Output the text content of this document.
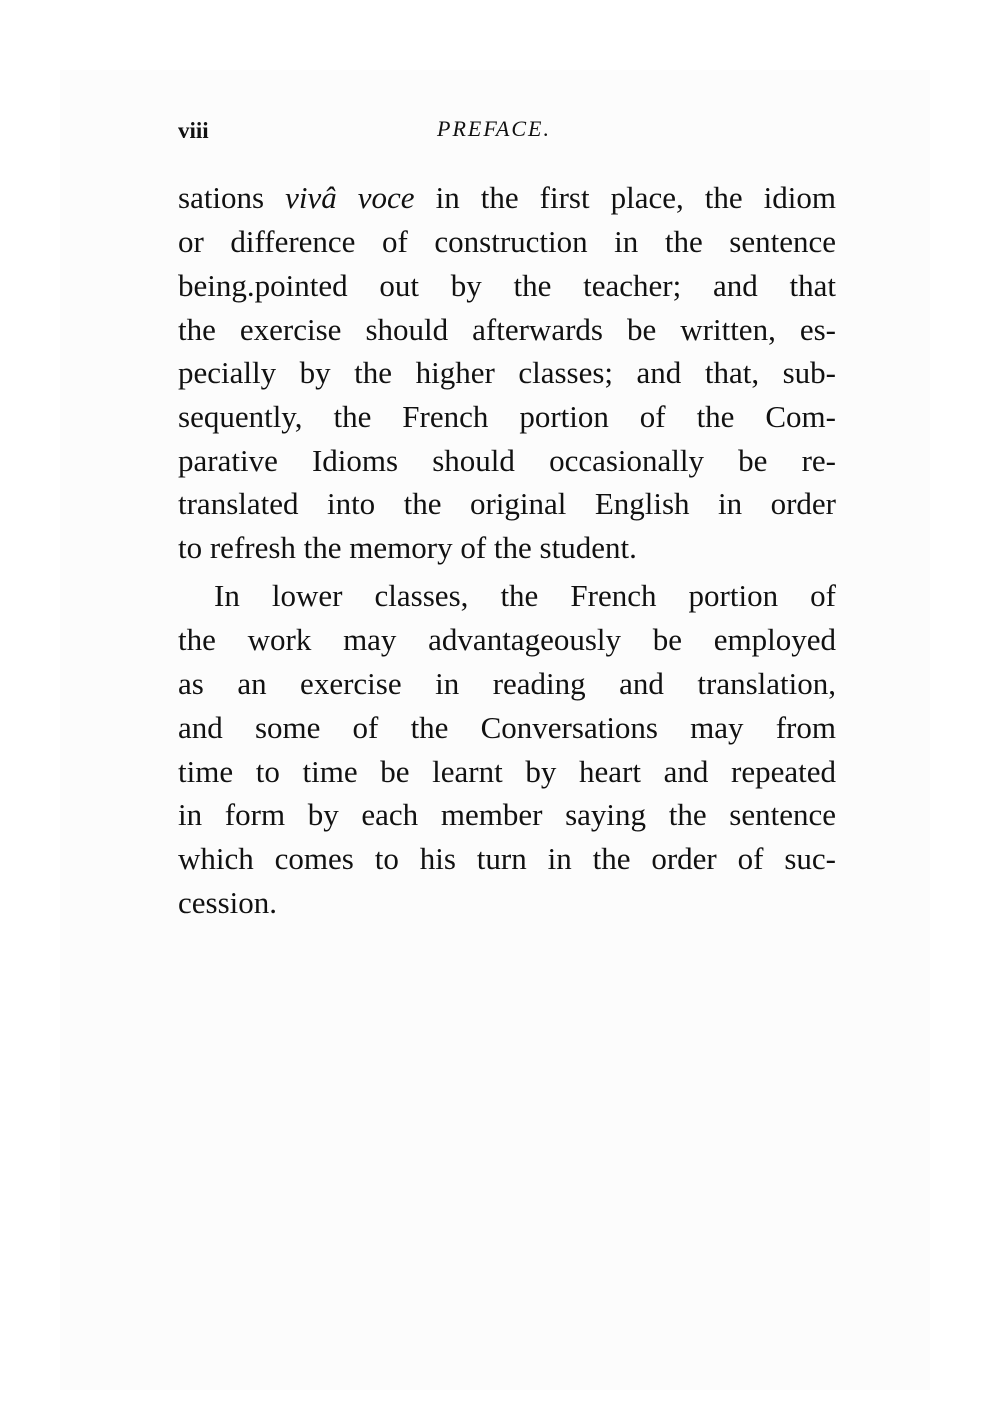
viii	PREFACE.

sations vivâ voce in the first place, the idiom

or difference of construction in the sentence

being.pointed out by the teacher; and that

the exercise should afterwards be written, es-

pecially by the higher classes; and that, sub-

sequently, the French portion of the Com-

parative Idioms should occasionally be re-

translated into the original English in order

to refresh the memory of the student.

In lower classes, the French portion of

the work may advantageously be employed

as an exercise in reading and translation,

and some of the Conversations may from

time to time be learnt by heart and repeated

in form by each member saying the sentence

which comes to his turn in the order of suc-

cession.
